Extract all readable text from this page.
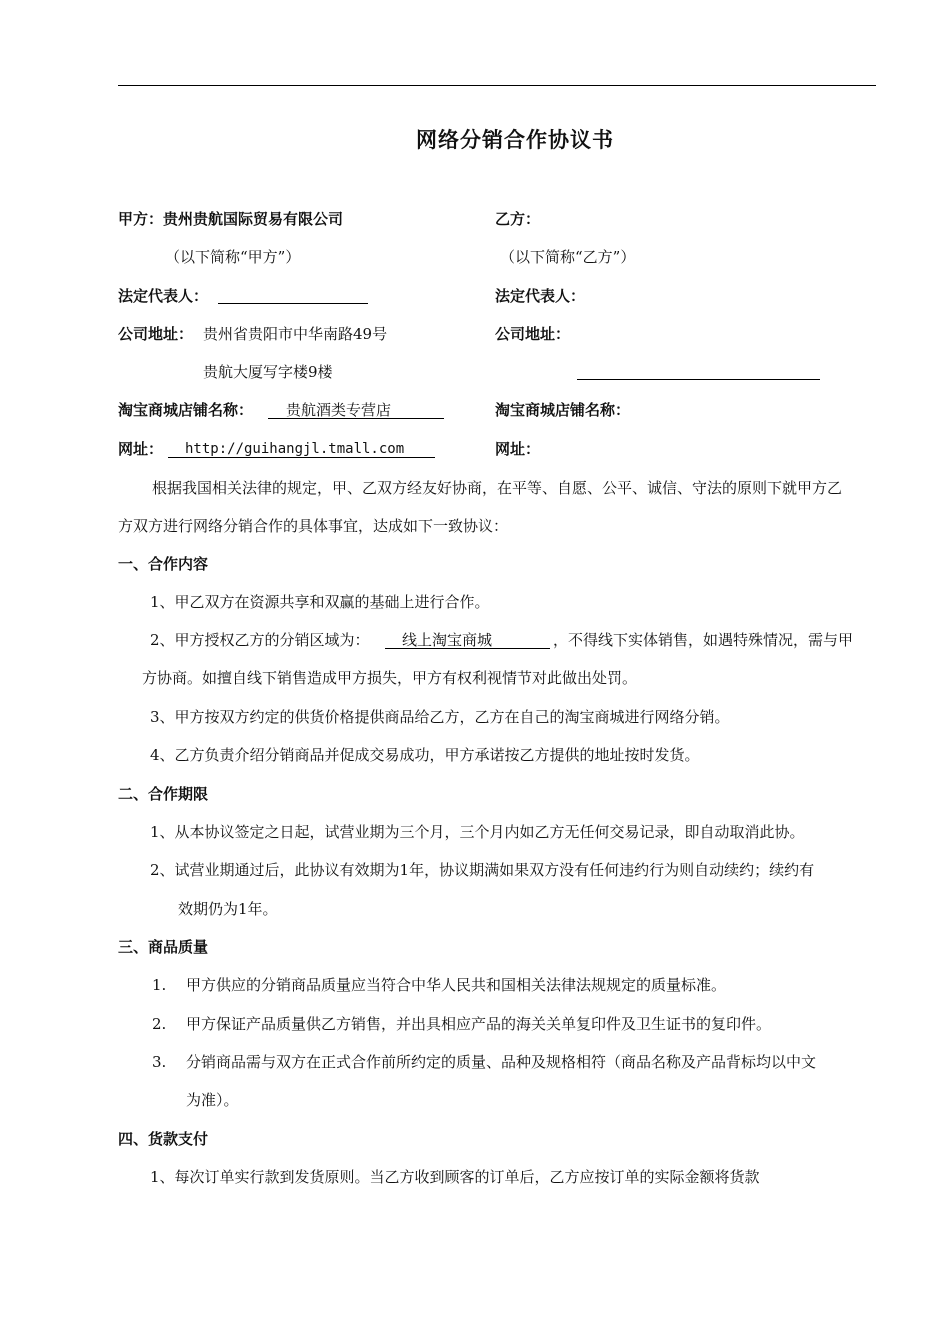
网络分销合作协议书
甲方：贵州贵航国际贸易有限公司	乙方：
（以下简称“甲方”）	（以下简称“乙方”）
法定代表人：	法定代表人：
公司地址： 贵州省贵阳市中华南路49号	公司地址：
贵航大厦写字楼9楼
淘宝商城店铺名称： 贵航酒类专营店	淘宝商城店铺名称：
网址： http://guihangjl.tmall.com	网址：
根据我国相关法律的规定，甲、乙双方经友好协商，在平等、自愿、公平、诚信、守法的原则下就甲方乙
方双方进行网络分销合作的具体事宜，达成如下一致协议：
一、合作内容
1、甲乙双方在资源共享和双赢的基础上进行合作。
2、甲方授权乙方的分销区域为： 线上淘宝商城	，不得线下实体销售，如遇特殊情况，需与甲
方协商。如擅自线下销售造成甲方损失，甲方有权利视情节对此做出处罚。
3、甲方按双方约定的供货价格提供商品给乙方，乙方在自己的淘宝商城进行网络分销。
4、乙方负责介绍分销商品并促成交易成功，甲方承诺按乙方提供的地址按时发货。
二、合作期限
1、从本协议签定之日起，试营业期为三个月，三个月内如乙方无任何交易记录，即自动取消此协。
2、试营业期通过后，此协议有效期为1年，协议期满如果双方没有任何违约行为则自动续约；续约有
效期仍为1年。
三、商品质量
1. 甲方供应的分销商品质量应当符合中华人民共和国相关法律法规规定的质量标准。
2. 甲方保证产品质量供乙方销售，并出具相应产品的海关关单复印件及卫生证书的复印件。
3. 分销商品需与双方在正式合作前所约定的质量、品种及规格相符（商品名称及产品背标均以中文
为准）。
四、货款支付
1、每次订单实行款到发货原则。当乙方收到顾客的订单后，乙方应按订单的实际金额将货款
